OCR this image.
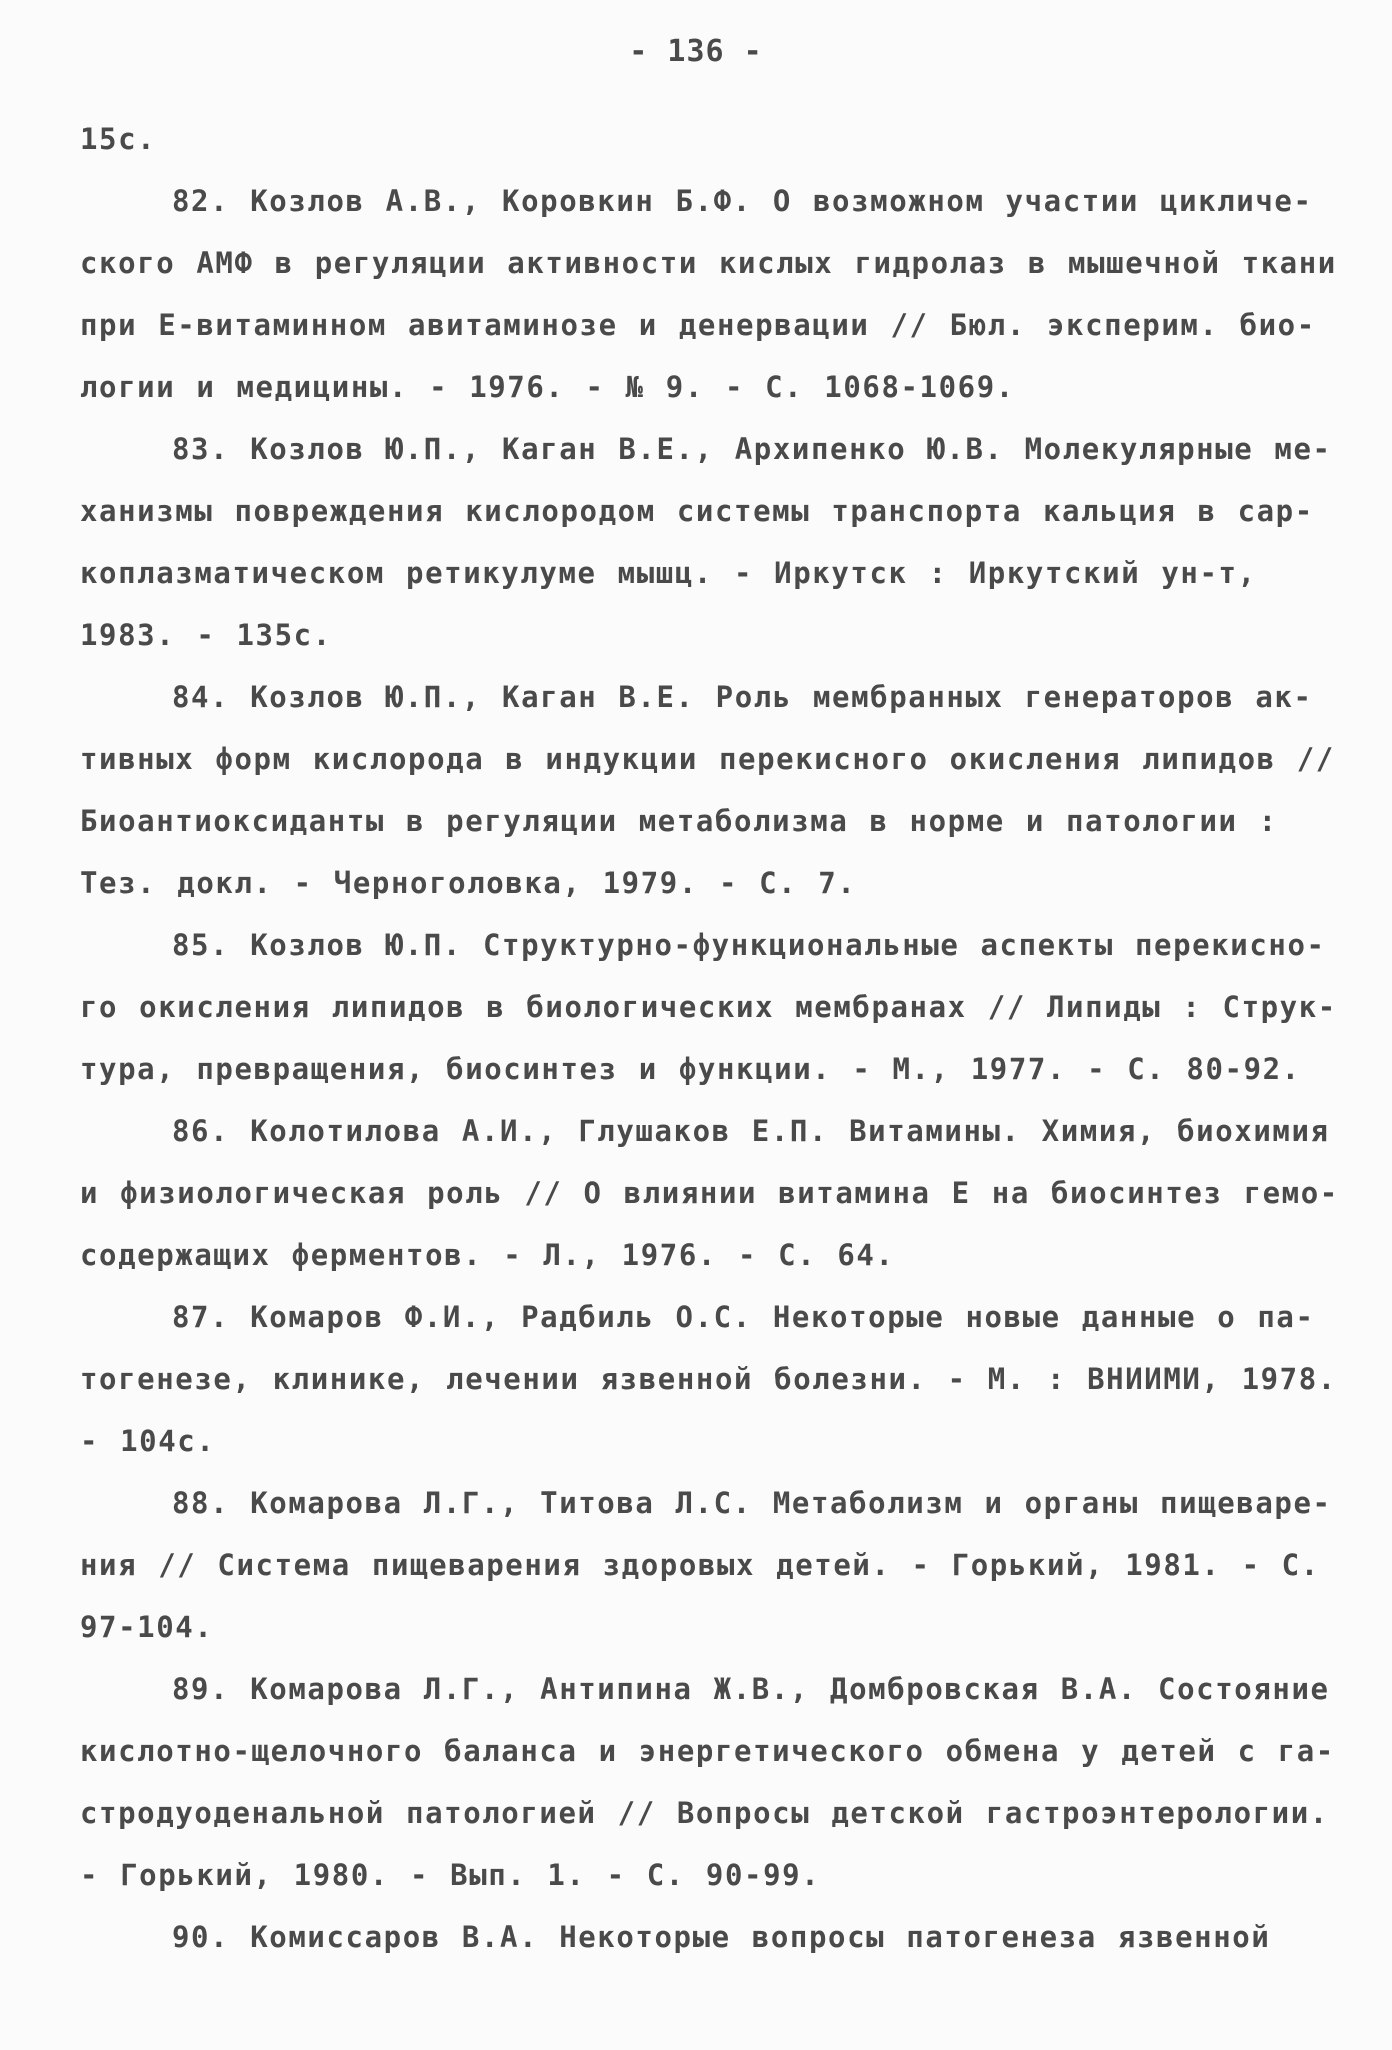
- 136 -
15с.
82. Козлов А.В., Коровкин Б.Ф. О возможном участии цикличе-
ского АМФ в регуляции активности кислых гидролаз в мышечной ткани
при Е-витаминном авитаминозе и денервации // Бюл. эксперим. био-
логии и медицины. - 1976. - № 9. - С. 1068-1069.
83. Козлов Ю.П., Каган В.Е., Архипенко Ю.В. Молекулярные ме-
ханизмы повреждения кислородом системы транспорта кальция в сар-
коплазматическом ретикулуме мышц. - Иркутск : Иркутский ун-т,
1983. - 135с.
84. Козлов Ю.П., Каган В.Е. Роль мембранных генераторов ак-
тивных форм кислорода в индукции перекисного окисления липидов //
Биоантиоксиданты в регуляции метаболизма в норме и патологии :
Тез. докл. - Черноголовка, 1979. - С. 7.
85. Козлов Ю.П. Структурно-функциональные аспекты перекисно-
го окисления липидов в биологических мембранах // Липиды : Струк-
тура, превращения, биосинтез и функции. - М., 1977. - С. 80-92.
86. Колотилова А.И., Глушаков Е.П. Витамины. Химия, биохимия
и физиологическая роль // О влиянии витамина Е на биосинтез гемо-
содержащих ферментов. - Л., 1976. - С. 64.
87. Комаров Ф.И., Радбиль О.С. Некоторые новые данные о па-
тогенезе, клинике, лечении язвенной болезни. - М. : ВНИИМИ, 1978.
- 104с.
88. Комарова Л.Г., Титова Л.С. Метаболизм и органы пищеваре-
ния // Система пищеварения здоровых детей. - Горький, 1981. - С.
97-104.
89. Комарова Л.Г., Антипина Ж.В., Домбровская В.А. Состояние
кислотно-щелочного баланса и энергетического обмена у детей с га-
стродуоденальной патологией // Вопросы детской гастроэнтерологии.
- Горький, 1980. - Вып. 1. - С. 90-99.
90. Комиссаров В.А. Некоторые вопросы патогенеза язвенной
